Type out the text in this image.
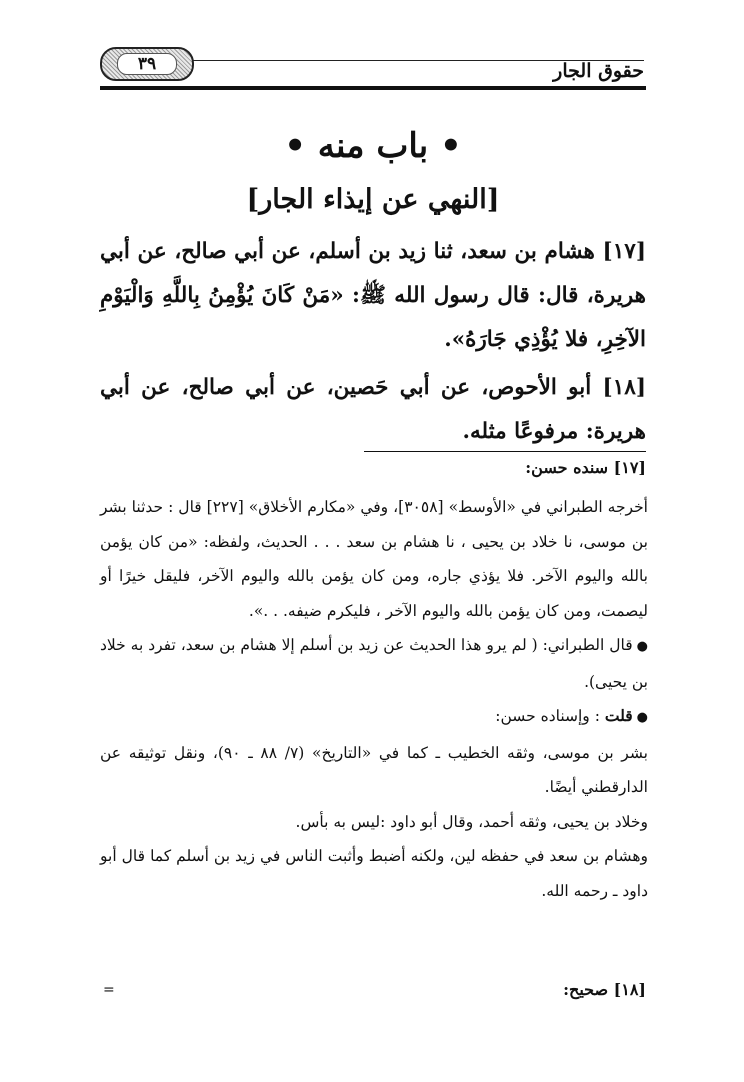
٣٩	حقوق الجار
• باب منه •
[النهي عن إيذاء الجار]
[١٧] هشام بن سعد، ثنا زيد بن أسلم، عن أبي صالح، عن أبي هريرة، قال: قال رسول الله ﷺ: «مَنْ كَانَ يُؤْمِنُ بِاللَّهِ وَالْيَوْمِ الآخِرِ، فلا يُؤْذِي جَارَهُ».
[١٨] أبو الأحوص، عن أبي حَصين، عن أبي صالح، عن أبي هريرة: مرفوعًا مثله.
[١٧] سنده حسن:

أخرجه الطبراني في «الأوسط» [٣٠٥٨]، وفي «مكارم الأخلاق» [٢٢٧] قال : حدثنا بشر بن موسى، نا خلاد بن يحيى ، نا هشام بن سعد . . . الحديث، ولفظه: «من كان يؤمن بالله واليوم الآخر. فلا يؤذي جاره، ومن كان يؤمن بالله واليوم الآخر، فليقل خيرًا أو ليصمت، ومن كان يؤمن بالله واليوم الآخر ، فليكرم ضيفه. . .».

●قال الطبراني: ( لم يرو هذا الحديث عن زيد بن أسلم إلا هشام بن سعد، تفرد به خلاد بن يحيى).

●قلت : وإسناده حسن:

بشر بن موسى، وثقه الخطيب ـ كما في «التاريخ» (٧/ ٨٨ ـ ٩٠)، ونقل توثيقه عن الدارقطني أيضًا.

وخلاد بن يحيى، وثقه أحمد، وقال أبو داود :ليس به بأس.

وهشام بن سعد في حفظه لين، ولكنه أضبط وأثبت الناس في زيد بن أسلم كما قال أبو داود ـ رحمه الله.

[١٨] صحيح:
=
